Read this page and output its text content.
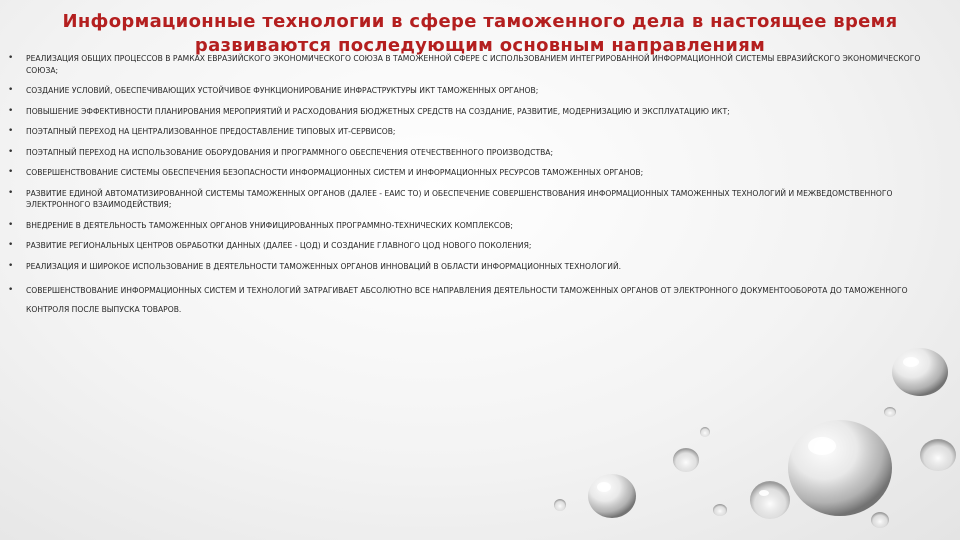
Информационные технологии в сфере таможенного дела в настоящее время
развиваются последующим основным направлениям
• РЕАЛИЗАЦИЯ ОБЩИХ ПРОЦЕССОВ В РАМКАХ ЕВРАЗИЙСКОГО ЭКОНОМИЧЕСКОГО СОЮЗА В ТАМОЖЕННОЙ СФЕРЕ С ИСПОЛЬЗОВАНИЕМ ИНТЕГРИРОВАННОЙ ИНФОРМАЦИОННОЙ СИСТЕМЫ ЕВРАЗИЙСКОГО ЭКОНОМИЧЕСКОГО СОЮЗА;
• СОЗДАНИЕ УСЛОВИЙ, ОБЕСПЕЧИВАЮЩИХ УСТОЙЧИВОЕ ФУНКЦИОНИРОВАНИЕ ИНФРАСТРУКТУРЫ ИКТ ТАМОЖЕННЫХ ОРГАНОВ;
• ПОВЫШЕНИЕ ЭФФЕКТИВНОСТИ ПЛАНИРОВАНИЯ МЕРОПРИЯТИЙ И РАСХОДОВАНИЯ БЮДЖЕТНЫХ СРЕДСТВ НА СОЗДАНИЕ, РАЗВИТИЕ, МОДЕРНИЗАЦИЮ И ЭКСПЛУАТАЦИЮ ИКТ;
• ПОЭТАПНЫЙ ПЕРЕХОД НА ЦЕНТРАЛИЗОВАННОЕ ПРЕДОСТАВЛЕНИЕ ТИПОВЫХ ИТ-СЕРВИСОВ;
• ПОЭТАПНЫЙ ПЕРЕХОД НА ИСПОЛЬЗОВАНИЕ ОБОРУДОВАНИЯ И ПРОГРАММНОГО ОБЕСПЕЧЕНИЯ ОТЕЧЕСТВЕННОГО ПРОИЗВОДСТВА;
• СОВЕРШЕНСТВОВАНИЕ СИСТЕМЫ ОБЕСПЕЧЕНИЯ БЕЗОПАСНОСТИ ИНФОРМАЦИОННЫХ СИСТЕМ И ИНФОРМАЦИОННЫХ РЕСУРСОВ ТАМОЖЕННЫХ ОРГАНОВ;
• РАЗВИТИЕ ЕДИНОЙ АВТОМАТИЗИРОВАННОЙ СИСТЕМЫ ТАМОЖЕННЫХ ОРГАНОВ (ДАЛЕЕ - ЕАИС ТО) И ОБЕСПЕЧЕНИЕ СОВЕРШЕНСТВОВАНИЯ ИНФОРМАЦИОННЫХ ТАМОЖЕННЫХ ТЕХНОЛОГИЙ И МЕЖВЕДОМСТВЕННОГО ЭЛЕКТРОННОГО ВЗАИМОДЕЙСТВИЯ;
• ВНЕДРЕНИЕ В ДЕЯТЕЛЬНОСТЬ ТАМОЖЕННЫХ ОРГАНОВ УНИФИЦИРОВАННЫХ ПРОГРАММНО-ТЕХНИЧЕСКИХ КОМПЛЕКСОВ;
• РАЗВИТИЕ РЕГИОНАЛЬНЫХ ЦЕНТРОВ ОБРАБОТКИ ДАННЫХ (ДАЛЕЕ - ЦОД) И СОЗДАНИЕ ГЛАВНОГО ЦОД НОВОГО ПОКОЛЕНИЯ;
• РЕАЛИЗАЦИЯ И ШИРОКОЕ ИСПОЛЬЗОВАНИЕ В ДЕЯТЕЛЬНОСТИ ТАМОЖЕННЫХ ОРГАНОВ ИННОВАЦИЙ В ОБЛАСТИ ИНФОРМАЦИОННЫХ ТЕХНОЛОГИЙ.
• СОВЕРШЕНСТВОВАНИЕ ИНФОРМАЦИОННЫХ СИСТЕМ И ТЕХНОЛОГИЙ ЗАТРАГИВАЕТ АБСОЛЮТНО ВСЕ НАПРАВЛЕНИЯ ДЕЯТЕЛЬНОСТИ ТАМОЖЕННЫХ ОРГАНОВ ОТ ЭЛЕКТРОННОГО ДОКУМЕНТООБОРОТА ДО ТАМОЖЕННОГО КОНТРОЛЯ ПОСЛЕ ВЫПУСКА ТОВАРОВ.
